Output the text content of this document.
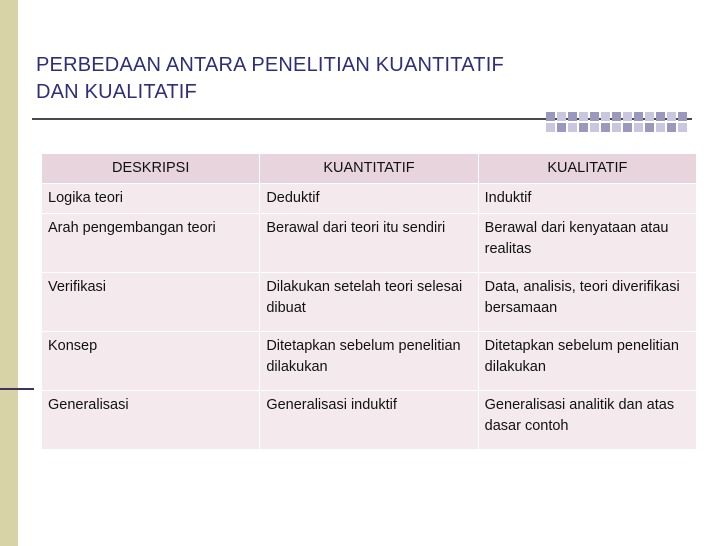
PERBEDAAN ANTARA PENELITIAN KUANTITATIF
DAN KUALITATIF
DESKRIPSI	KUANTITATIF	KUALITATIF
Logika teori	Deduktif	Induktif
Arah pengembangan teori	Berawal dari teori itu sendiri	Berawal dari kenyataan atau realitas
Verifikasi	Dilakukan setelah teori selesai dibuat	Data, analisis, teori diverifikasi bersamaan
Konsep	Ditetapkan sebelum penelitian dilakukan	Ditetapkan sebelum penelitian dilakukan
Generalisasi	Generalisasi induktif	Generalisasi analitik dan atas dasar contoh
